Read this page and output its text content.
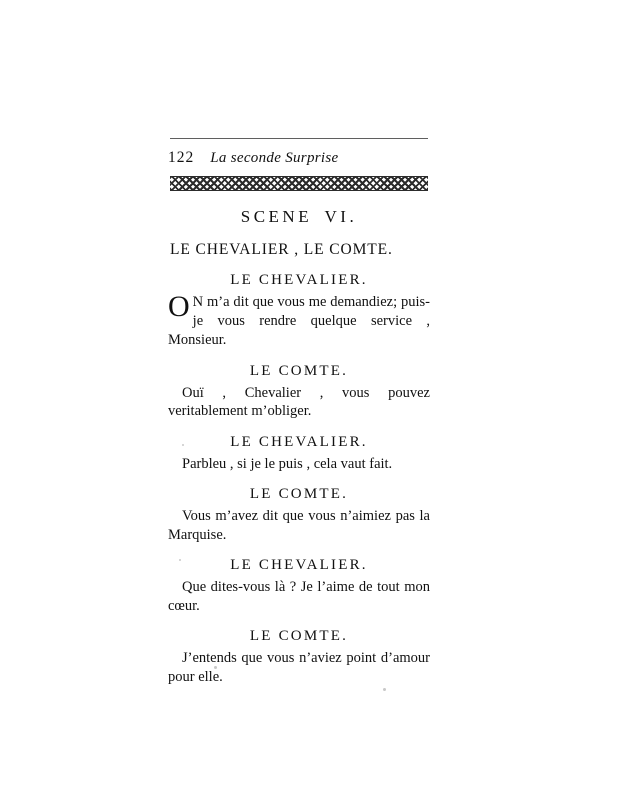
122 La seconde Surprise
SCENE VI.
LE CHEVALIER , LE COMTE.
LE CHEVALIER.

O N m’a dit que vous me demandiez; puis-je vous rendre quelque service , Monsieur.

LE COMTE.

Ouï , Chevalier , vous pouvez veritablement m’obliger.

LE CHEVALIER.

Parbleu , si je le puis , cela vaut fait.

LE COMTE.

Vous m’avez dit que vous n’aimiez pas la Marquise.

LE CHEVALIER.

Que dites-vous là ? Je l’aime de tout mon cœur.

LE COMTE.

J’entends que vous n’aviez point d’amour pour elle.
